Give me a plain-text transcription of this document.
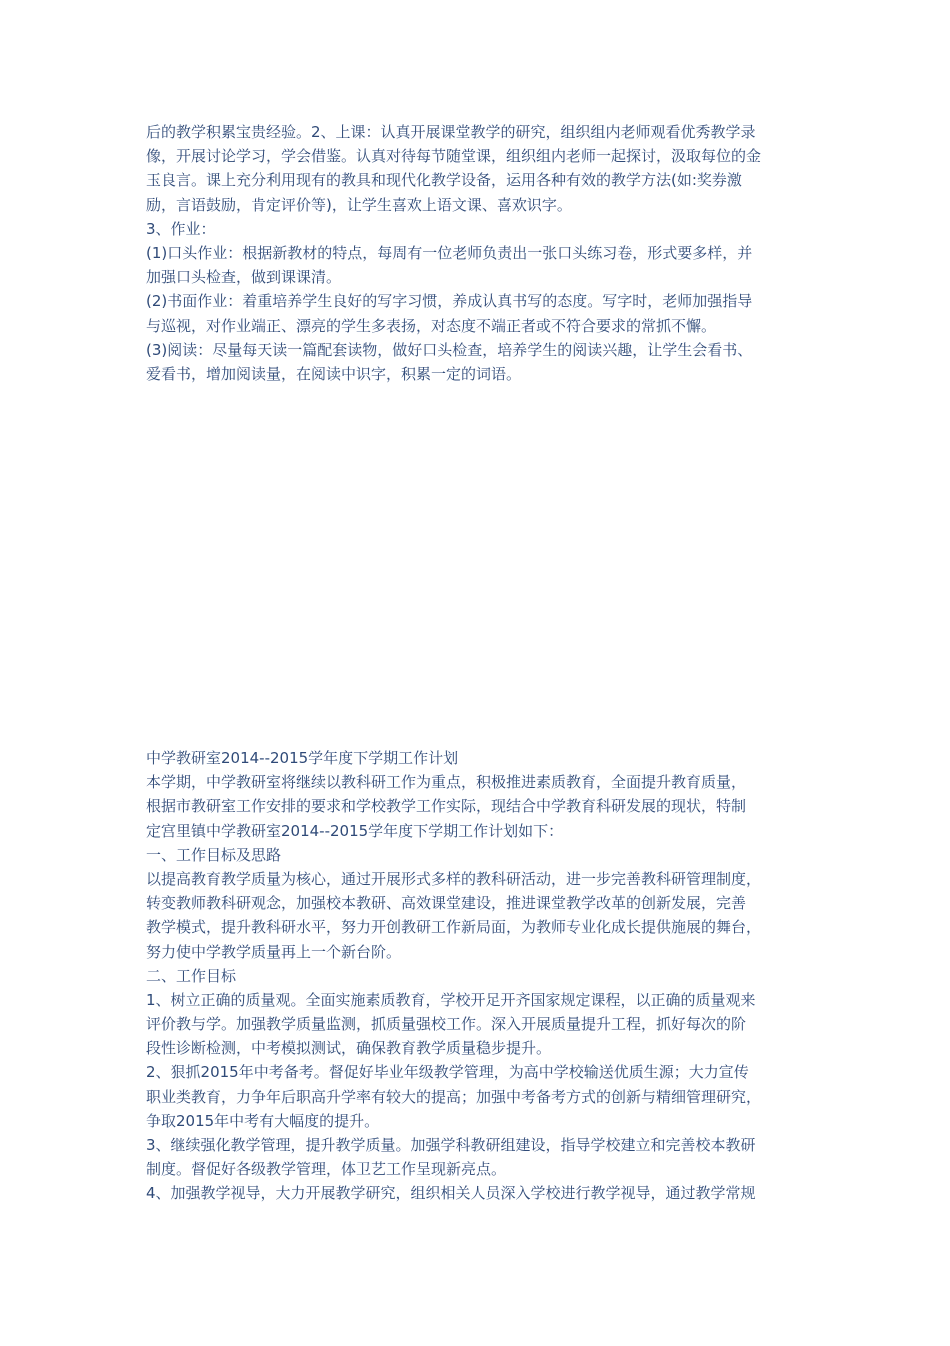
后的教学积累宝贵经验。2、上课：认真开展课堂教学的研究，组织组内老师观看优秀教学录
像，开展讨论学习，学会借鉴。认真对待每节随堂课，组织组内老师一起探讨，汲取每位的金
玉良言。课上充分利用现有的教具和现代化教学设备，运用各种有效的教学方法(如:奖券激
励，言语鼓励，肯定评价等)，让学生喜欢上语文课、喜欢识字。
3、作业：
(1)口头作业：根据新教材的特点，每周有一位老师负责出一张口头练习卷，形式要多样，并
加强口头检查，做到课课清。
(2)书面作业：着重培养学生良好的写字习惯，养成认真书写的态度。写字时，老师加强指导
与巡视，对作业端正、漂亮的学生多表扬，对态度不端正者或不符合要求的常抓不懈。
(3)阅读：尽量每天读一篇配套读物，做好口头检查，培养学生的阅读兴趣，让学生会看书、
爱看书，增加阅读量，在阅读中识字，积累一定的词语。
中学教研室2014--2015学年度下学期工作计划
本学期，中学教研室将继续以教科研工作为重点，积极推进素质教育，全面提升教育质量，
根据市教研室工作安排的要求和学校教学工作实际，现结合中学教育科研发展的现状，特制
定宫里镇中学教研室2014--2015学年度下学期工作计划如下：
一、工作目标及思路
以提高教育教学质量为核心，通过开展形式多样的教科研活动，进一步完善教科研管理制度，
转变教师教科研观念，加强校本教研、高效课堂建设，推进课堂教学改革的创新发展，完善
教学模式，提升教科研水平，努力开创教研工作新局面，为教师专业化成长提供施展的舞台，
努力使中学教学质量再上一个新台阶。
二、工作目标
1、树立正确的质量观。全面实施素质教育，学校开足开齐国家规定课程，以正确的质量观来
评价教与学。加强教学质量监测，抓质量强校工作。深入开展质量提升工程，抓好每次的阶
段性诊断检测，中考模拟测试，确保教育教学质量稳步提升。
2、狠抓2015年中考备考。督促好毕业年级教学管理，为高中学校输送优质生源；大力宣传
职业类教育，力争年后职高升学率有较大的提高；加强中考备考方式的创新与精细管理研究，
争取2015年中考有大幅度的提升。
3、继续强化教学管理，提升教学质量。加强学科教研组建设，指导学校建立和完善校本教研
制度。督促好各级教学管理，体卫艺工作呈现新亮点。
4、加强教学视导，大力开展教学研究，组织相关人员深入学校进行教学视导，通过教学常规
